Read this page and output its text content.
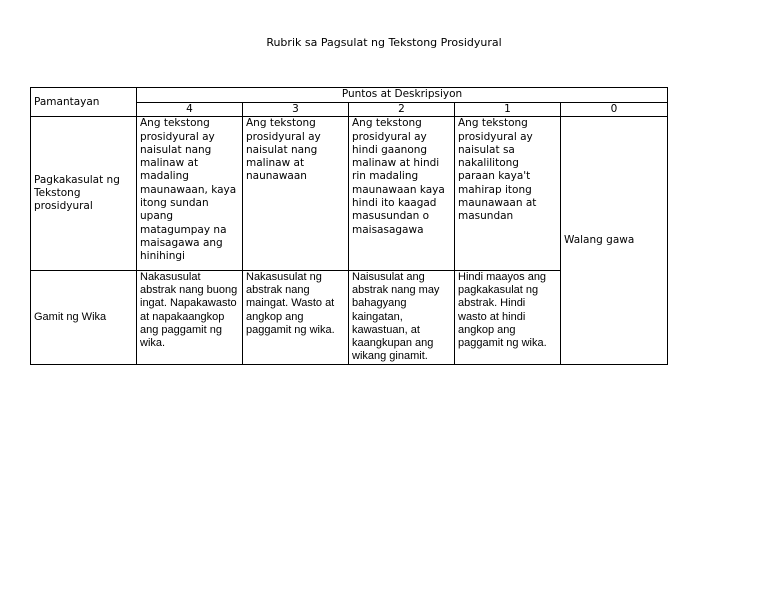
Rubrik sa Pagsulat ng Tekstong Prosidyural
Pamantayan	Puntos at Deskripsiyon				
	4	3	2	1	0
Pagkakasulat ng Tekstong prosidyural	Ang tekstong prosidyural ay naisulat nang malinaw at madaling maunawaan, kaya itong sundan upang matagumpay na maisagawa ang hinihingi	Ang tekstong prosidyural ay naisulat nang malinaw at naunawaan	Ang tekstong prosidyural ay hindi gaanong malinaw at hindi rin madaling maunawaan kaya hindi ito kaagad masusundan o maisasagawa	Ang tekstong prosidyural ay naisulat sa nakalilitong paraan kaya't mahirap itong maunawaan at masundan	Walang gawa
Gamit ng Wika	Nakasusulat abstrak nang buong ingat. Napakawasto at napakaangkop ang paggamit ng wika.	Nakasusulat ng abstrak nang maingat. Wasto at angkop ang paggamit ng wika.	Naisusulat ang abstrak nang may bahagyang kaingatan, kawastuan, at kaangkupan ang wikang ginamit.	Hindi maayos ang pagkakasulat ng abstrak. Hindi wasto at hindi angkop ang paggamit ng wika.	
